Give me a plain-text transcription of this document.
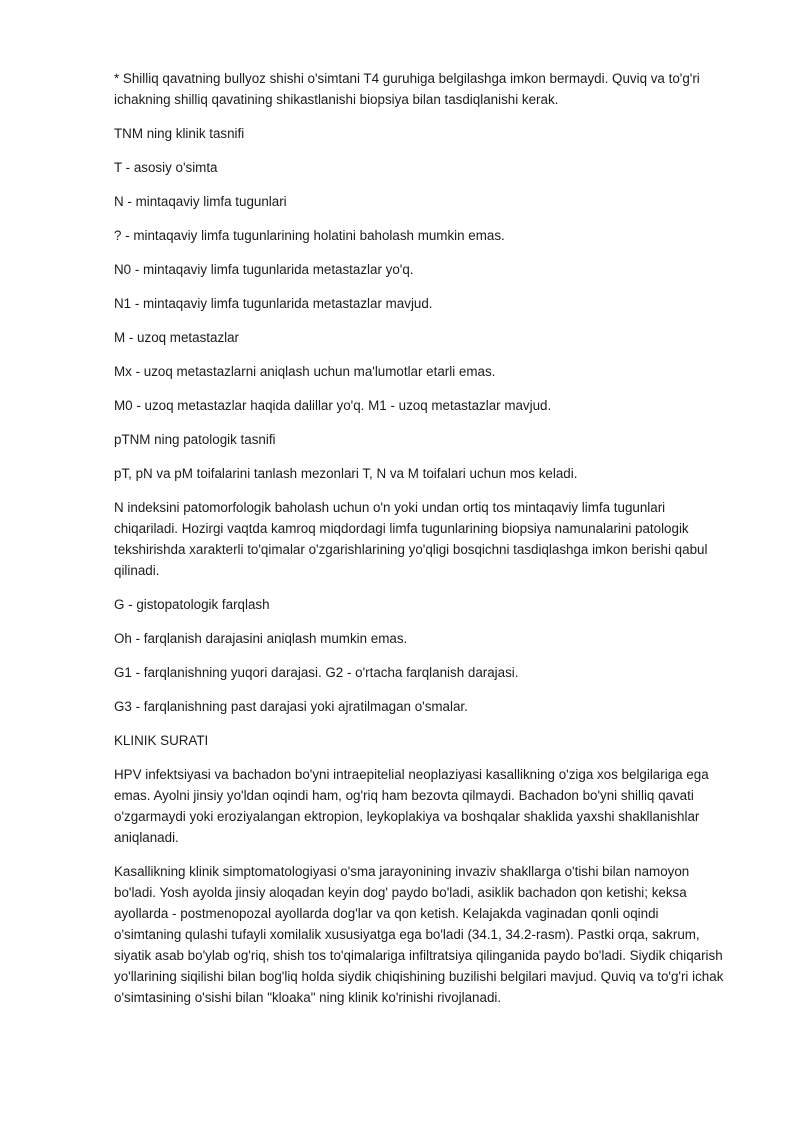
* Shilliq qavatning bullyoz shishi o'simtani T4 guruhiga belgilashga imkon bermaydi. Quviq va to'g'ri ichakning shilliq qavatining shikastlanishi biopsiya bilan tasdiqlanishi kerak.

TNM ning klinik tasnifi

T - asosiy o'simta

N - mintaqaviy limfa tugunlari

? - mintaqaviy limfa tugunlarining holatini baholash mumkin emas.

N0 - mintaqaviy limfa tugunlarida metastazlar yo'q.

N1 - mintaqaviy limfa tugunlarida metastazlar mavjud.

M - uzoq metastazlar

Mx - uzoq metastazlarni aniqlash uchun ma'lumotlar etarli emas.

M0 - uzoq metastazlar haqida dalillar yo'q. M1 - uzoq metastazlar mavjud.

pTNM ning patologik tasnifi

pT, pN va pM toifalarini tanlash mezonlari T, N va M toifalari uchun mos keladi.

N indeksini patomorfologik baholash uchun o'n yoki undan ortiq tos mintaqaviy limfa tugunlari chiqariladi. Hozirgi vaqtda kamroq miqdordagi limfa tugunlarining biopsiya namunalarini patologik tekshirishda xarakterli to'qimalar o'zgarishlarining yo'qligi bosqichni tasdiqlashga imkon berishi qabul qilinadi.

G - gistopatologik farqlash

Oh - farqlanish darajasini aniqlash mumkin emas.

G1 - farqlanishning yuqori darajasi. G2 - o'rtacha farqlanish darajasi.

G3 - farqlanishning past darajasi yoki ajratilmagan o'smalar.

KLINIK SURATI

HPV infektsiyasi va bachadon bo'yni intraepitelial neoplaziyasi kasallikning o'ziga xos belgilariga ega emas. Ayolni jinsiy yo'ldan oqindi ham, og'riq ham bezovta qilmaydi. Bachadon bo'yni shilliq qavati o'zgarmaydi yoki eroziyalangan ektropion, leykoplakiya va boshqalar shaklida yaxshi shakllanishlar aniqlanadi.

Kasallikning klinik simptomatologiyasi o'sma jarayonining invaziv shakllarga o'tishi bilan namoyon bo'ladi. Yosh ayolda jinsiy aloqadan keyin dog' paydo bo'ladi, asiklik bachadon qon ketishi; keksa ayollarda - postmenopozal ayollarda dog'lar va qon ketish. Kelajakda vaginadan qonli oqindi o'simtaning qulashi tufayli xomilalik xususiyatga ega bo'ladi (34.1, 34.2-rasm). Pastki orqa, sakrum, siyatik asab bo'ylab og'riq, shish tos to'qimalariga infiltratsiya qilinganida paydo bo'ladi. Siydik chiqarish yo'llarining siqilishi bilan bog'liq holda siydik chiqishining buzilishi belgilari mavjud. Quviq va to'g'ri ichak o'simtasining o'sishi bilan "kloaka" ning klinik ko'rinishi rivojlanadi.
